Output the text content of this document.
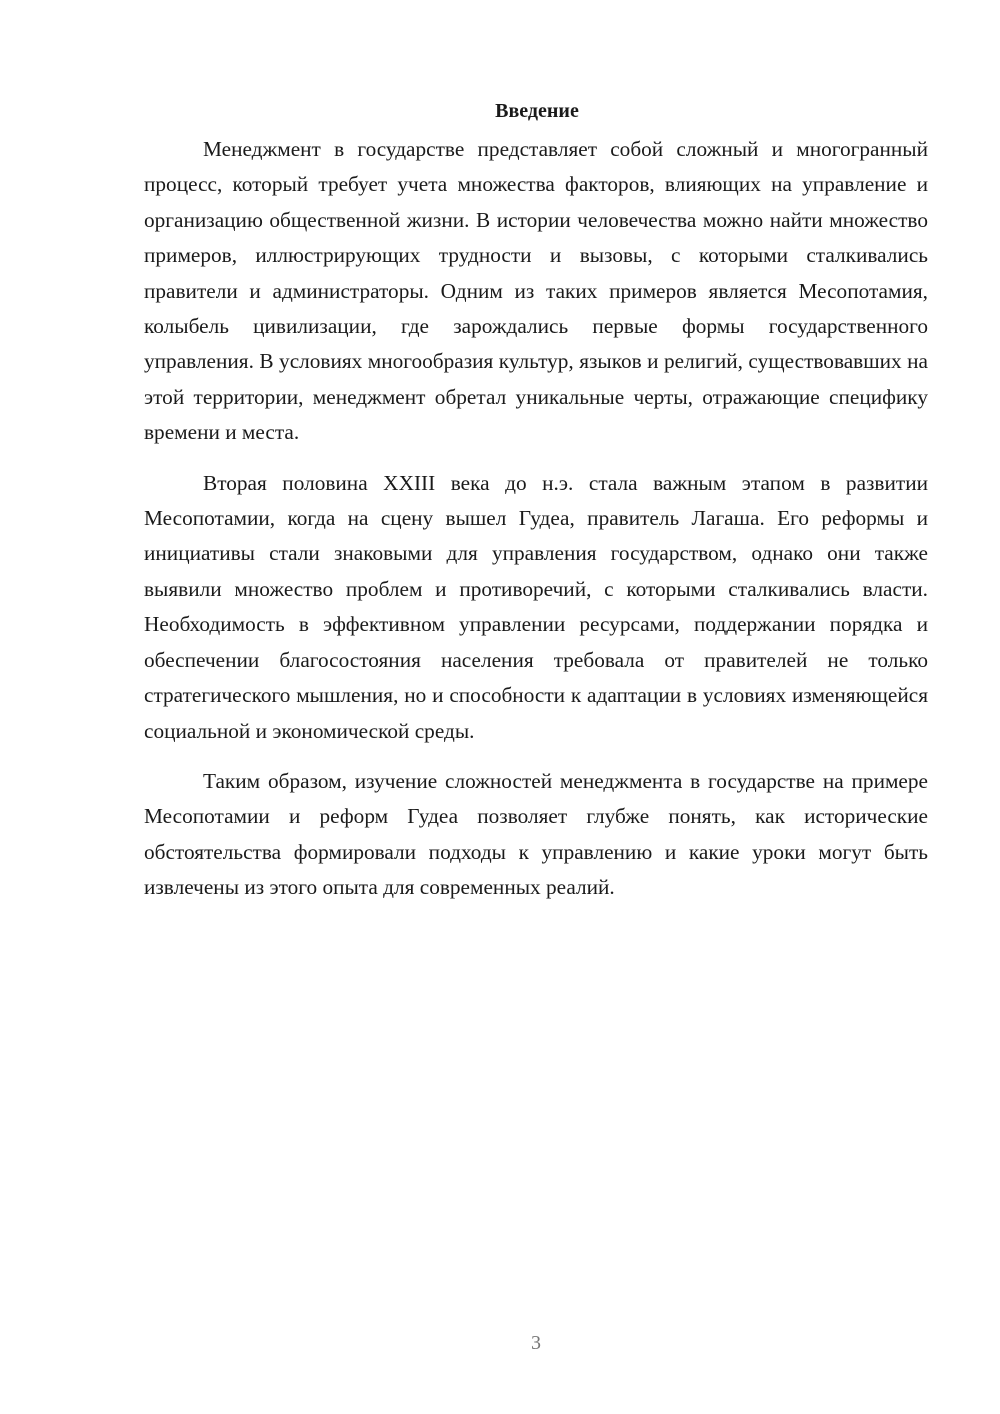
Введение

Менеджмент в государстве представляет собой сложный и многогранный процесс, который требует учета множества факторов, влияющих на управление и организацию общественной жизни. В истории человечества можно найти множество примеров, иллюстрирующих трудности и вызовы, с которыми сталкивались правители и администраторы. Одним из таких примеров является Месопотамия, колыбель цивилизации, где зарождались первые формы государственного управления. В условиях многообразия культур, языков и религий, существовавших на этой территории, менеджмент обретал уникальные черты, отражающие специфику времени и места.

Вторая половина XXIII века до н.э. стала важным этапом в развитии Месопотамии, когда на сцену вышел Гудеа, правитель Лагаша. Его реформы и инициативы стали знаковыми для управления государством, однако они также выявили множество проблем и противоречий, с которыми сталкивались власти. Необходимость в эффективном управлении ресурсами, поддержании порядка и обеспечении благосостояния населения требовала от правителей не только стратегического мышления, но и способности к адаптации в условиях изменяющейся социальной и экономической среды.

Таким образом, изучение сложностей менеджмента в государстве на примере Месопотамии и реформ Гудеа позволяет глубже понять, как исторические обстоятельства формировали подходы к управлению и какие уроки могут быть извлечены из этого опыта для современных реалий.

3
